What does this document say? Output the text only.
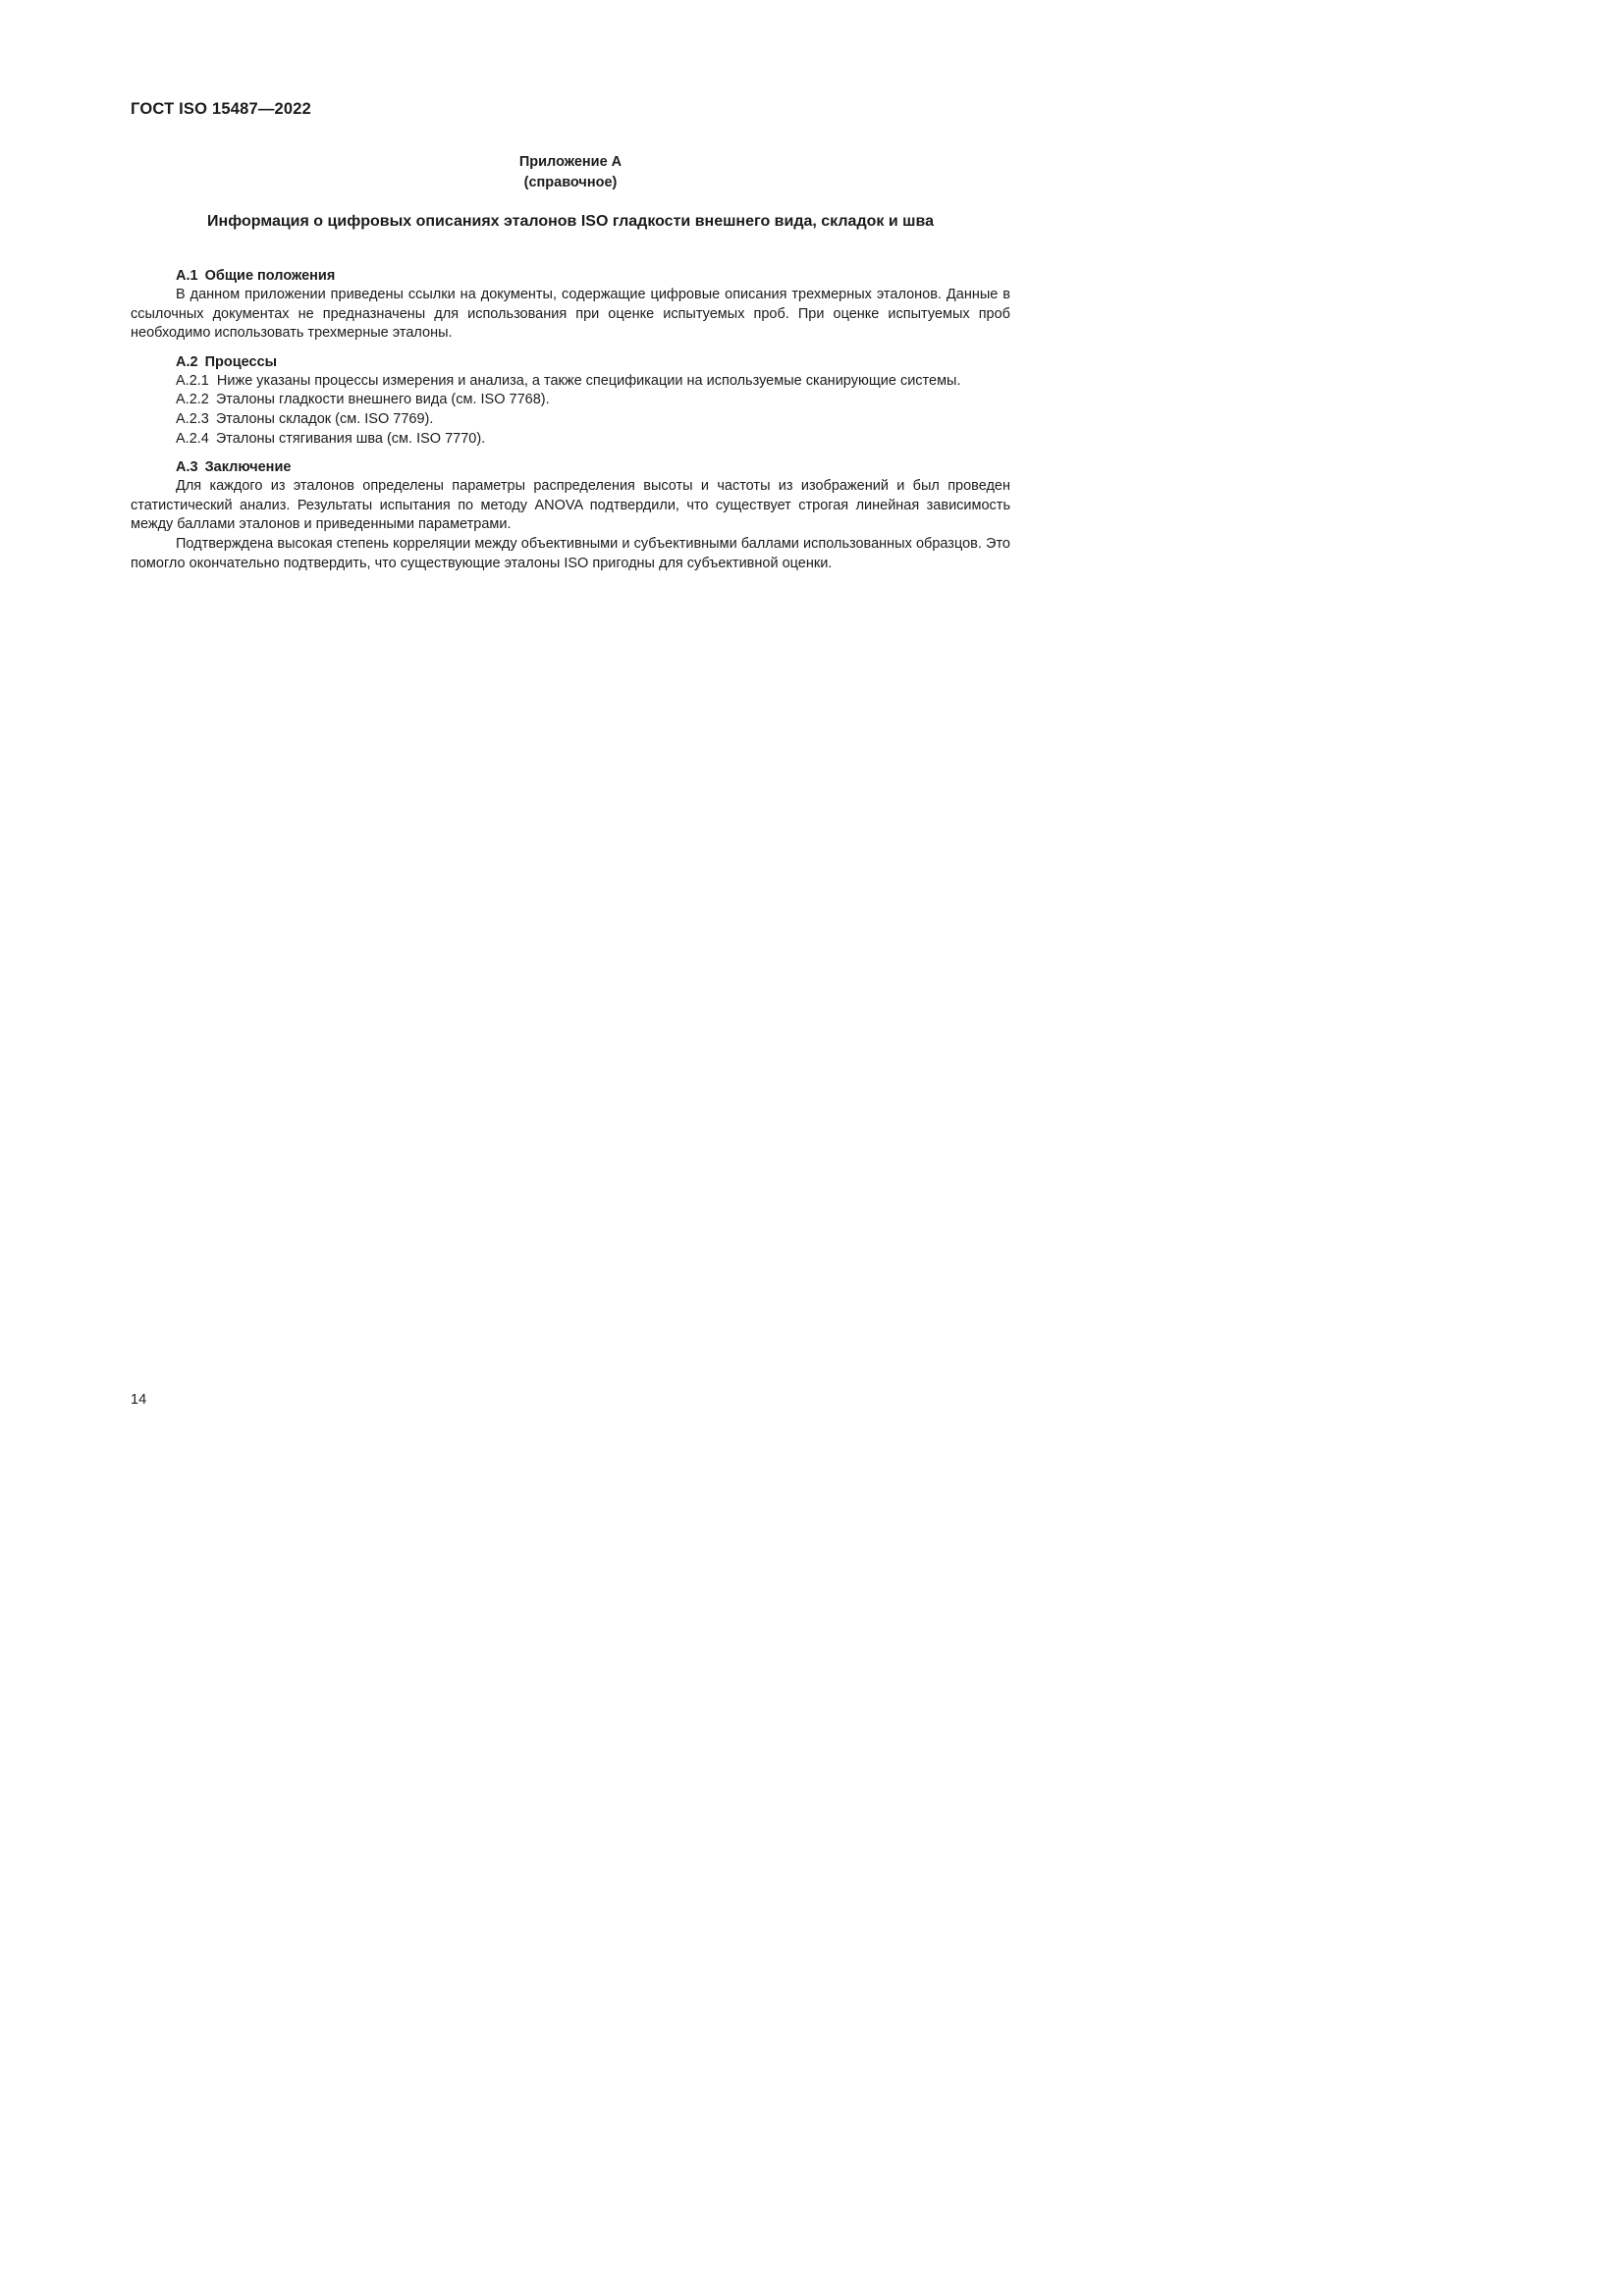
ГОСТ ISO 15487—2022
Приложение А
(справочное)
Информация о цифровых описаниях эталонов ISO гладкости внешнего вида, складок и шва
А.1 Общие положения

В данном приложении приведены ссылки на документы, содержащие цифровые описания трехмерных эталонов. Данные в ссылочных документах не предназначены для использования при оценке испытуемых проб. При оценке испытуемых проб необходимо использовать трехмерные эталоны.

А.2 Процессы

А.2.1 Ниже указаны процессы измерения и анализа, а также спецификации на используемые сканирующие системы.

А.2.2 Эталоны гладкости внешнего вида (см. ISO 7768).

А.2.3 Эталоны складок (см. ISO 7769).

А.2.4 Эталоны стягивания шва (см. ISO 7770).

А.3 Заключение

Для каждого из эталонов определены параметры распределения высоты и частоты из изображений и был проведен статистический анализ. Результаты испытания по методу ANOVA подтвердили, что существует строгая линейная зависимость между баллами эталонов и приведенными параметрами.

Подтверждена высокая степень корреляции между объективными и субъективными баллами использованных образцов. Это помогло окончательно подтвердить, что существующие эталоны ISO пригодны для субъективной оценки.

14
